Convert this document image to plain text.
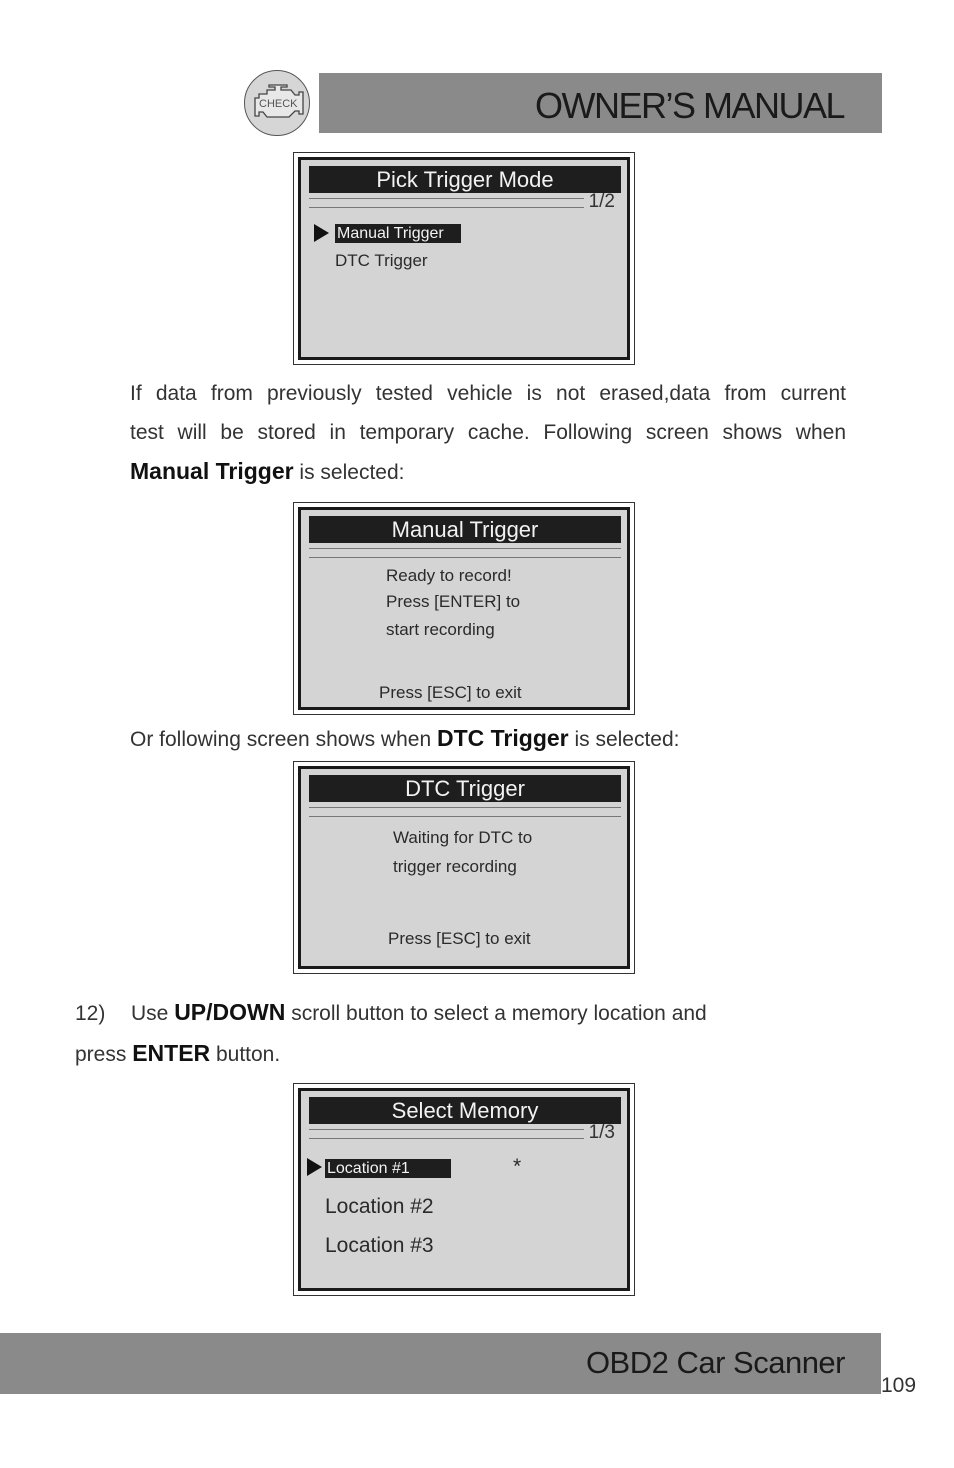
CHECK	OWNER’S MANUAL
Pick Trigger Mode
1/2
Manual Trigger
DTC Trigger
If data from previously tested vehicle is not erased,data from current
test will be stored in temporary cache. Following screen shows when
Manual Trigger is selected:
Manual Trigger
Ready to record!
Press [ENTER] to
start recording
Press [ESC] to exit
Or following screen shows when DTC Trigger is selected:
DTC Trigger
Waiting for DTC to
trigger recording
Press [ESC] to exit
12) Use UP/DOWN scroll button to select a memory location and
press ENTER button.
Select Memory
1/3
Location #1	*
Location #2
Location #3
OBD2 Car Scanner
109
